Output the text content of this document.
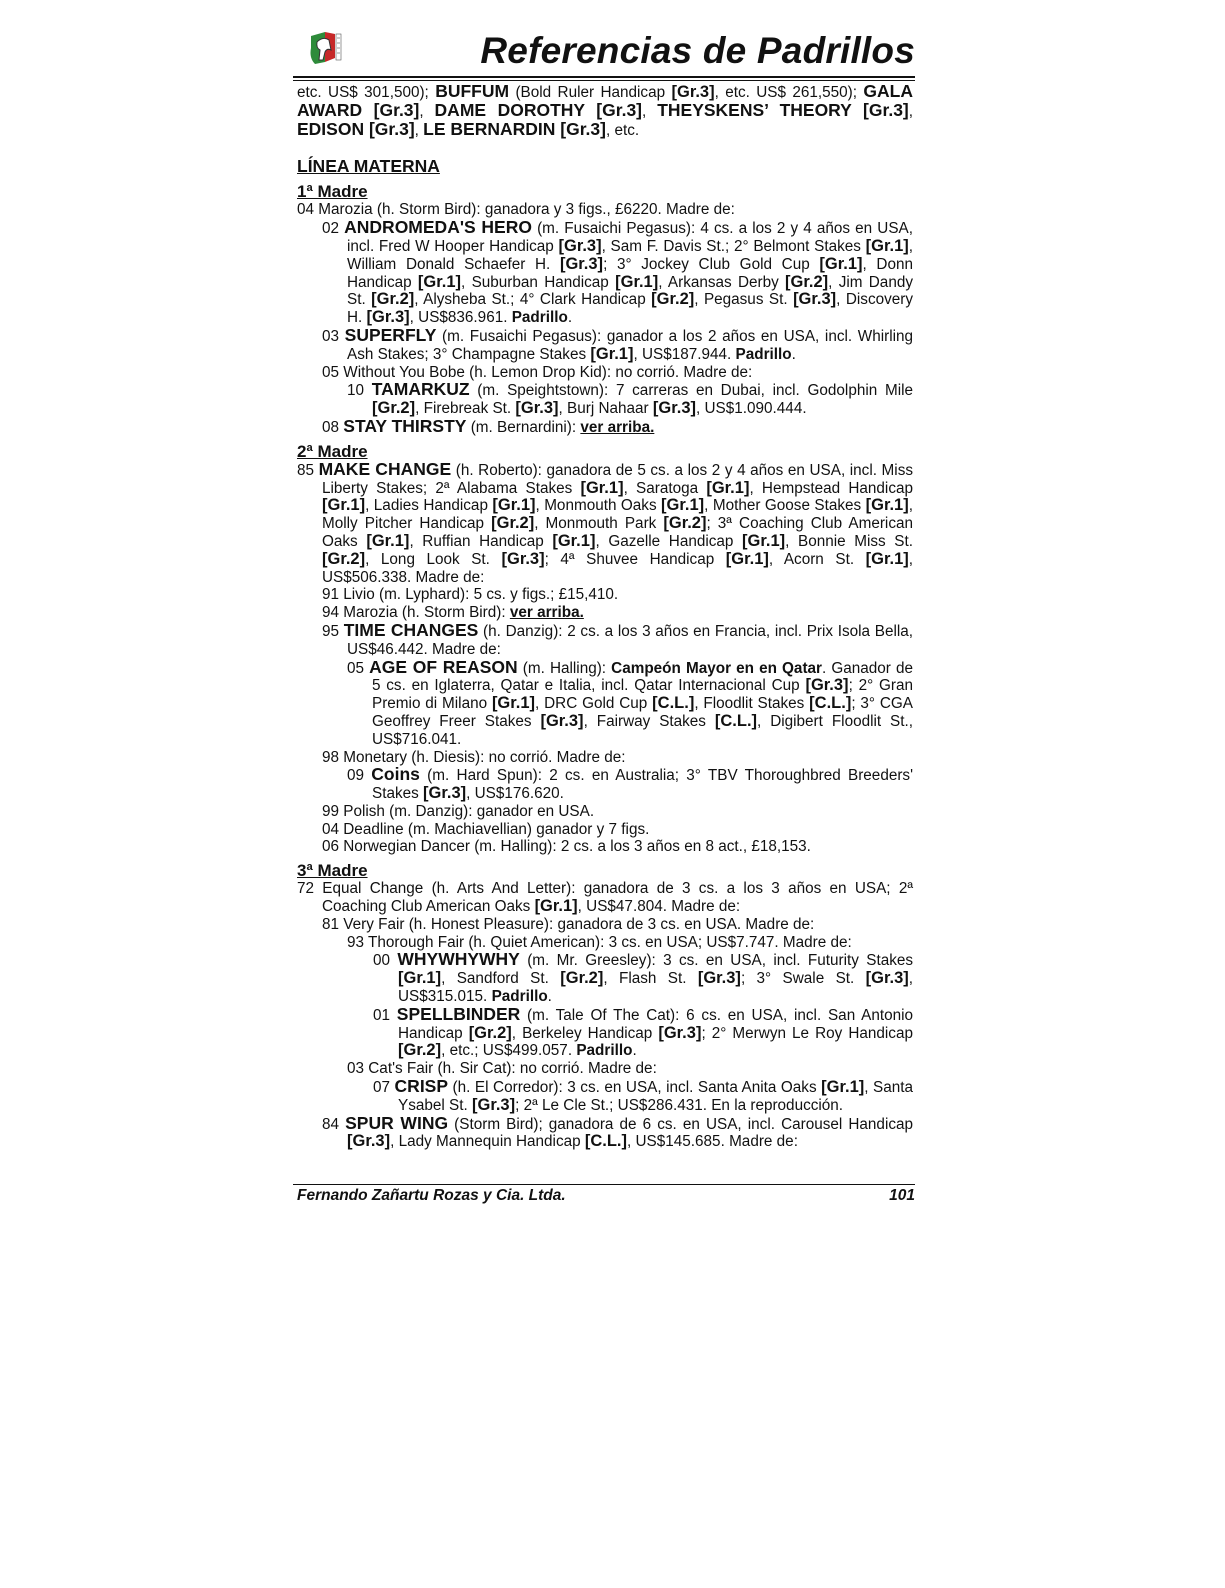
Referencias de Padrillos

etc. US$ 301,500); BUFFUM (Bold Ruler Handicap [Gr.3], etc. US$ 261,550); GALA AWARD [Gr.3], DAME DOROTHY [Gr.3], THEYSKENS’ THEORY [Gr.3], EDISON [Gr.3], LE BERNARDIN [Gr.3], etc.

LÍNEA MATERNA

1ª Madre

04 Marozia (h. Storm Bird): ganadora y 3 figs., £6220. Madre de:

02 ANDROMEDA'S HERO (m. Fusaichi Pegasus): 4 cs. a los 2 y 4 años en USA, incl. Fred W Hooper Handicap [Gr.3], Sam F. Davis St.; 2° Belmont Stakes [Gr.1], William Donald Schaefer H. [Gr.3]; 3° Jockey Club Gold Cup [Gr.1], Donn Handicap [Gr.1], Suburban Handicap [Gr.1], Arkansas Derby [Gr.2], Jim Dandy St. [Gr.2], Alysheba St.; 4° Clark Handicap [Gr.2], Pegasus St. [Gr.3], Discovery H. [Gr.3], US$836.961. Padrillo.

03 SUPERFLY (m. Fusaichi Pegasus): ganador a los 2 años en USA, incl. Whirling Ash Stakes; 3° Champagne Stakes [Gr.1], US$187.944. Padrillo.

05 Without You Bobe (h. Lemon Drop Kid): no corrió. Madre de:

10 TAMARKUZ (m. Speightstown): 7 carreras en Dubai, incl. Godolphin Mile [Gr.2], Firebreak St. [Gr.3], Burj Nahaar [Gr.3], US$1.090.444.

08 STAY THIRSTY (m. Bernardini): ver arriba.

2ª Madre

85 MAKE CHANGE (h. Roberto): ganadora de 5 cs. a los 2 y 4 años en USA, incl. Miss Liberty Stakes; 2ª Alabama Stakes [Gr.1], Saratoga [Gr.1], Hempstead Handicap [Gr.1], Ladies Handicap [Gr.1], Monmouth Oaks [Gr.1], Mother Goose Stakes [Gr.1], Molly Pitcher Handicap [Gr.2], Monmouth Park [Gr.2]; 3ª Coaching Club American Oaks [Gr.1], Ruffian Handicap [Gr.1], Gazelle Handicap [Gr.1], Bonnie Miss St. [Gr.2], Long Look St. [Gr.3]; 4ª Shuvee Handicap [Gr.1], Acorn St. [Gr.1], US$506.338. Madre de:

91 Livio (m. Lyphard): 5 cs. y figs.; £15,410.

94 Marozia (h. Storm Bird): ver arriba.

95 TIME CHANGES (h. Danzig): 2 cs. a los 3 años en Francia, incl. Prix Isola Bella, US$46.442. Madre de:

05 AGE OF REASON (m. Halling): Campeón Mayor en en Qatar. Ganador de 5 cs. en Iglaterra, Qatar e Italia, incl. Qatar Internacional Cup [Gr.3]; 2° Gran Premio di Milano [Gr.1], DRC Gold Cup [C.L.], Floodlit Stakes [C.L.]; 3° CGA Geoffrey Freer Stakes [Gr.3], Fairway Stakes [C.L.], Digibert Floodlit St., US$716.041.

98 Monetary (h. Diesis): no corrió. Madre de:

09 Coins (m. Hard Spun): 2 cs. en Australia; 3° TBV Thoroughbred Breeders' Stakes [Gr.3], US$176.620.

99 Polish (m. Danzig): ganador en USA.

04 Deadline (m. Machiavellian) ganador y 7 figs.

06 Norwegian Dancer (m. Halling): 2 cs. a los 3 años en 8 act., £18,153.

3ª Madre

72 Equal Change (h. Arts And Letter): ganadora de 3 cs. a los 3 años en USA; 2ª Coaching Club American Oaks [Gr.1], US$47.804. Madre de:

81 Very Fair (h. Honest Pleasure): ganadora de 3 cs. en USA. Madre de:

93 Thorough Fair (h. Quiet American): 3 cs. en USA; US$7.747. Madre de:

00 WHYWHYWHY (m. Mr. Greesley): 3 cs. en USA, incl. Futurity Stakes [Gr.1], Sandford St. [Gr.2], Flash St. [Gr.3]; 3° Swale St. [Gr.3], US$315.015. Padrillo.

01 SPELLBINDER (m. Tale Of The Cat): 6 cs. en USA, incl. San Antonio Handicap [Gr.2], Berkeley Handicap [Gr.3]; 2° Merwyn Le Roy Handicap [Gr.2], etc.; US$499.057. Padrillo.

03 Cat's Fair (h. Sir Cat): no corrió. Madre de:

07 CRISP (h. El Corredor): 3 cs. en USA, incl. Santa Anita Oaks [Gr.1], Santa Ysabel St. [Gr.3]; 2ª Le Cle St.; US$286.431. En la reproducción.

84 SPUR WING (Storm Bird); ganadora de 6 cs. en USA, incl. Carousel Handicap [Gr.3], Lady Mannequin Handicap [C.L.], US$145.685. Madre de:

Fernando Zañartu Rozas y Cia. Ltda.	101
